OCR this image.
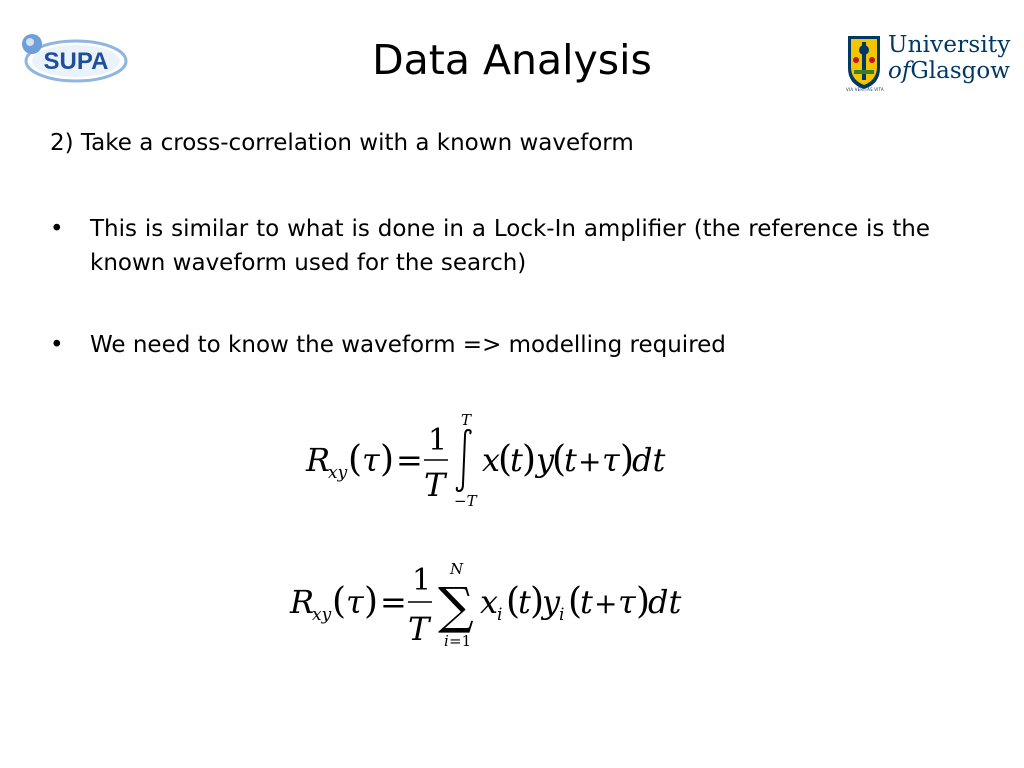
SUPA	Data Analysis	University
ofGlasgow
VIA VERITAS VITA
2) Take a cross-correlation with a known waveform
• This is similar to what is done in a Lock-In amplifier (the reference is the known waveform used for the search)
• We need to know the waveform => modelling required
R
xy ( τ ) =
1
T
T
−T
x
(
t ) y
(
t + τ )
dt
R
xy ( τ ) =
1
T
N
∑
i =1
x
i (
t )
y
i (
t + τ )
dt
